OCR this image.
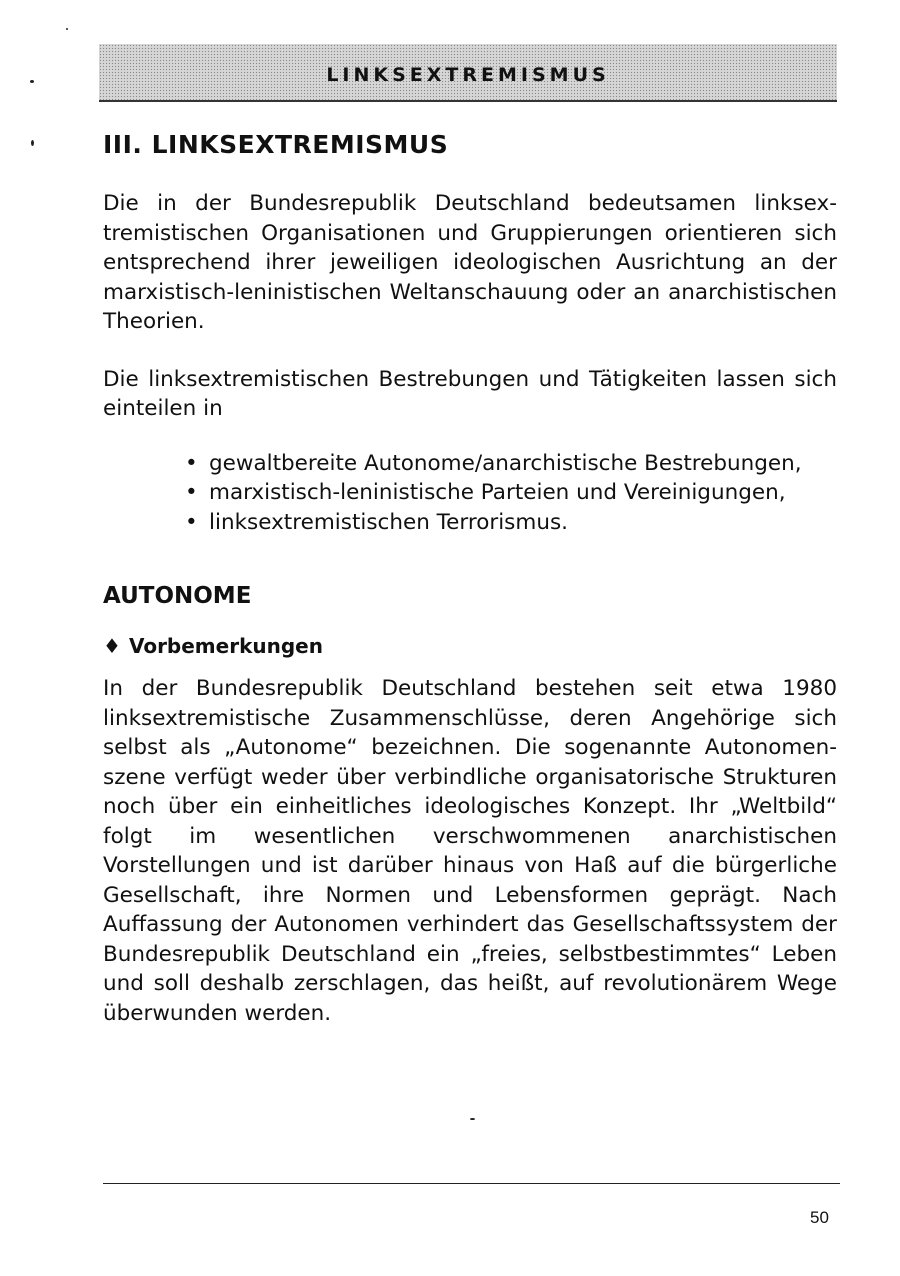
LINKSEXTREMISMUS
III. LINKSEXTREMISMUS

Die in der Bundesrepublik Deutschland bedeutsamen linksextremistischen Organisationen und Gruppierungen orientieren sich entsprechend ihrer jeweiligen ideologischen Ausrichtung an der marxistisch-leninistischen Weltanschauung oder an anarchistischen Theorien.

Die linksextremistischen Bestrebungen und Tätigkeiten lassen sich einteilen in

• gewaltbereite Autonome/anarchistische Bestrebungen,
• marxistisch-leninistische Parteien und Vereinigungen,
• linksextremistischen Terrorismus.
AUTONOME
♦ Vorbemerkungen

In der Bundesrepublik Deutschland bestehen seit etwa 1980 linksextremistische Zusammenschlüsse, deren Angehörige sich selbst als „Autonome“ bezeichnen. Die sogenannte Autonomenszene verfügt weder über verbindliche organisatorische Strukturen noch über ein einheitliches ideologisches Konzept. Ihr „Weltbild“ folgt im wesentlichen verschwommenen anarchistischen Vorstellungen und ist darüber hinaus von Haß auf die bürgerliche Gesellschaft, ihre Normen und Lebensformen geprägt. Nach Auffassung der Autonomen verhindert das Gesellschaftssystem der Bundesrepublik Deutschland ein „freies, selbstbestimmtes“ Leben und soll deshalb zerschlagen, das heißt, auf revolutionärem Wege überwunden werden.

50
